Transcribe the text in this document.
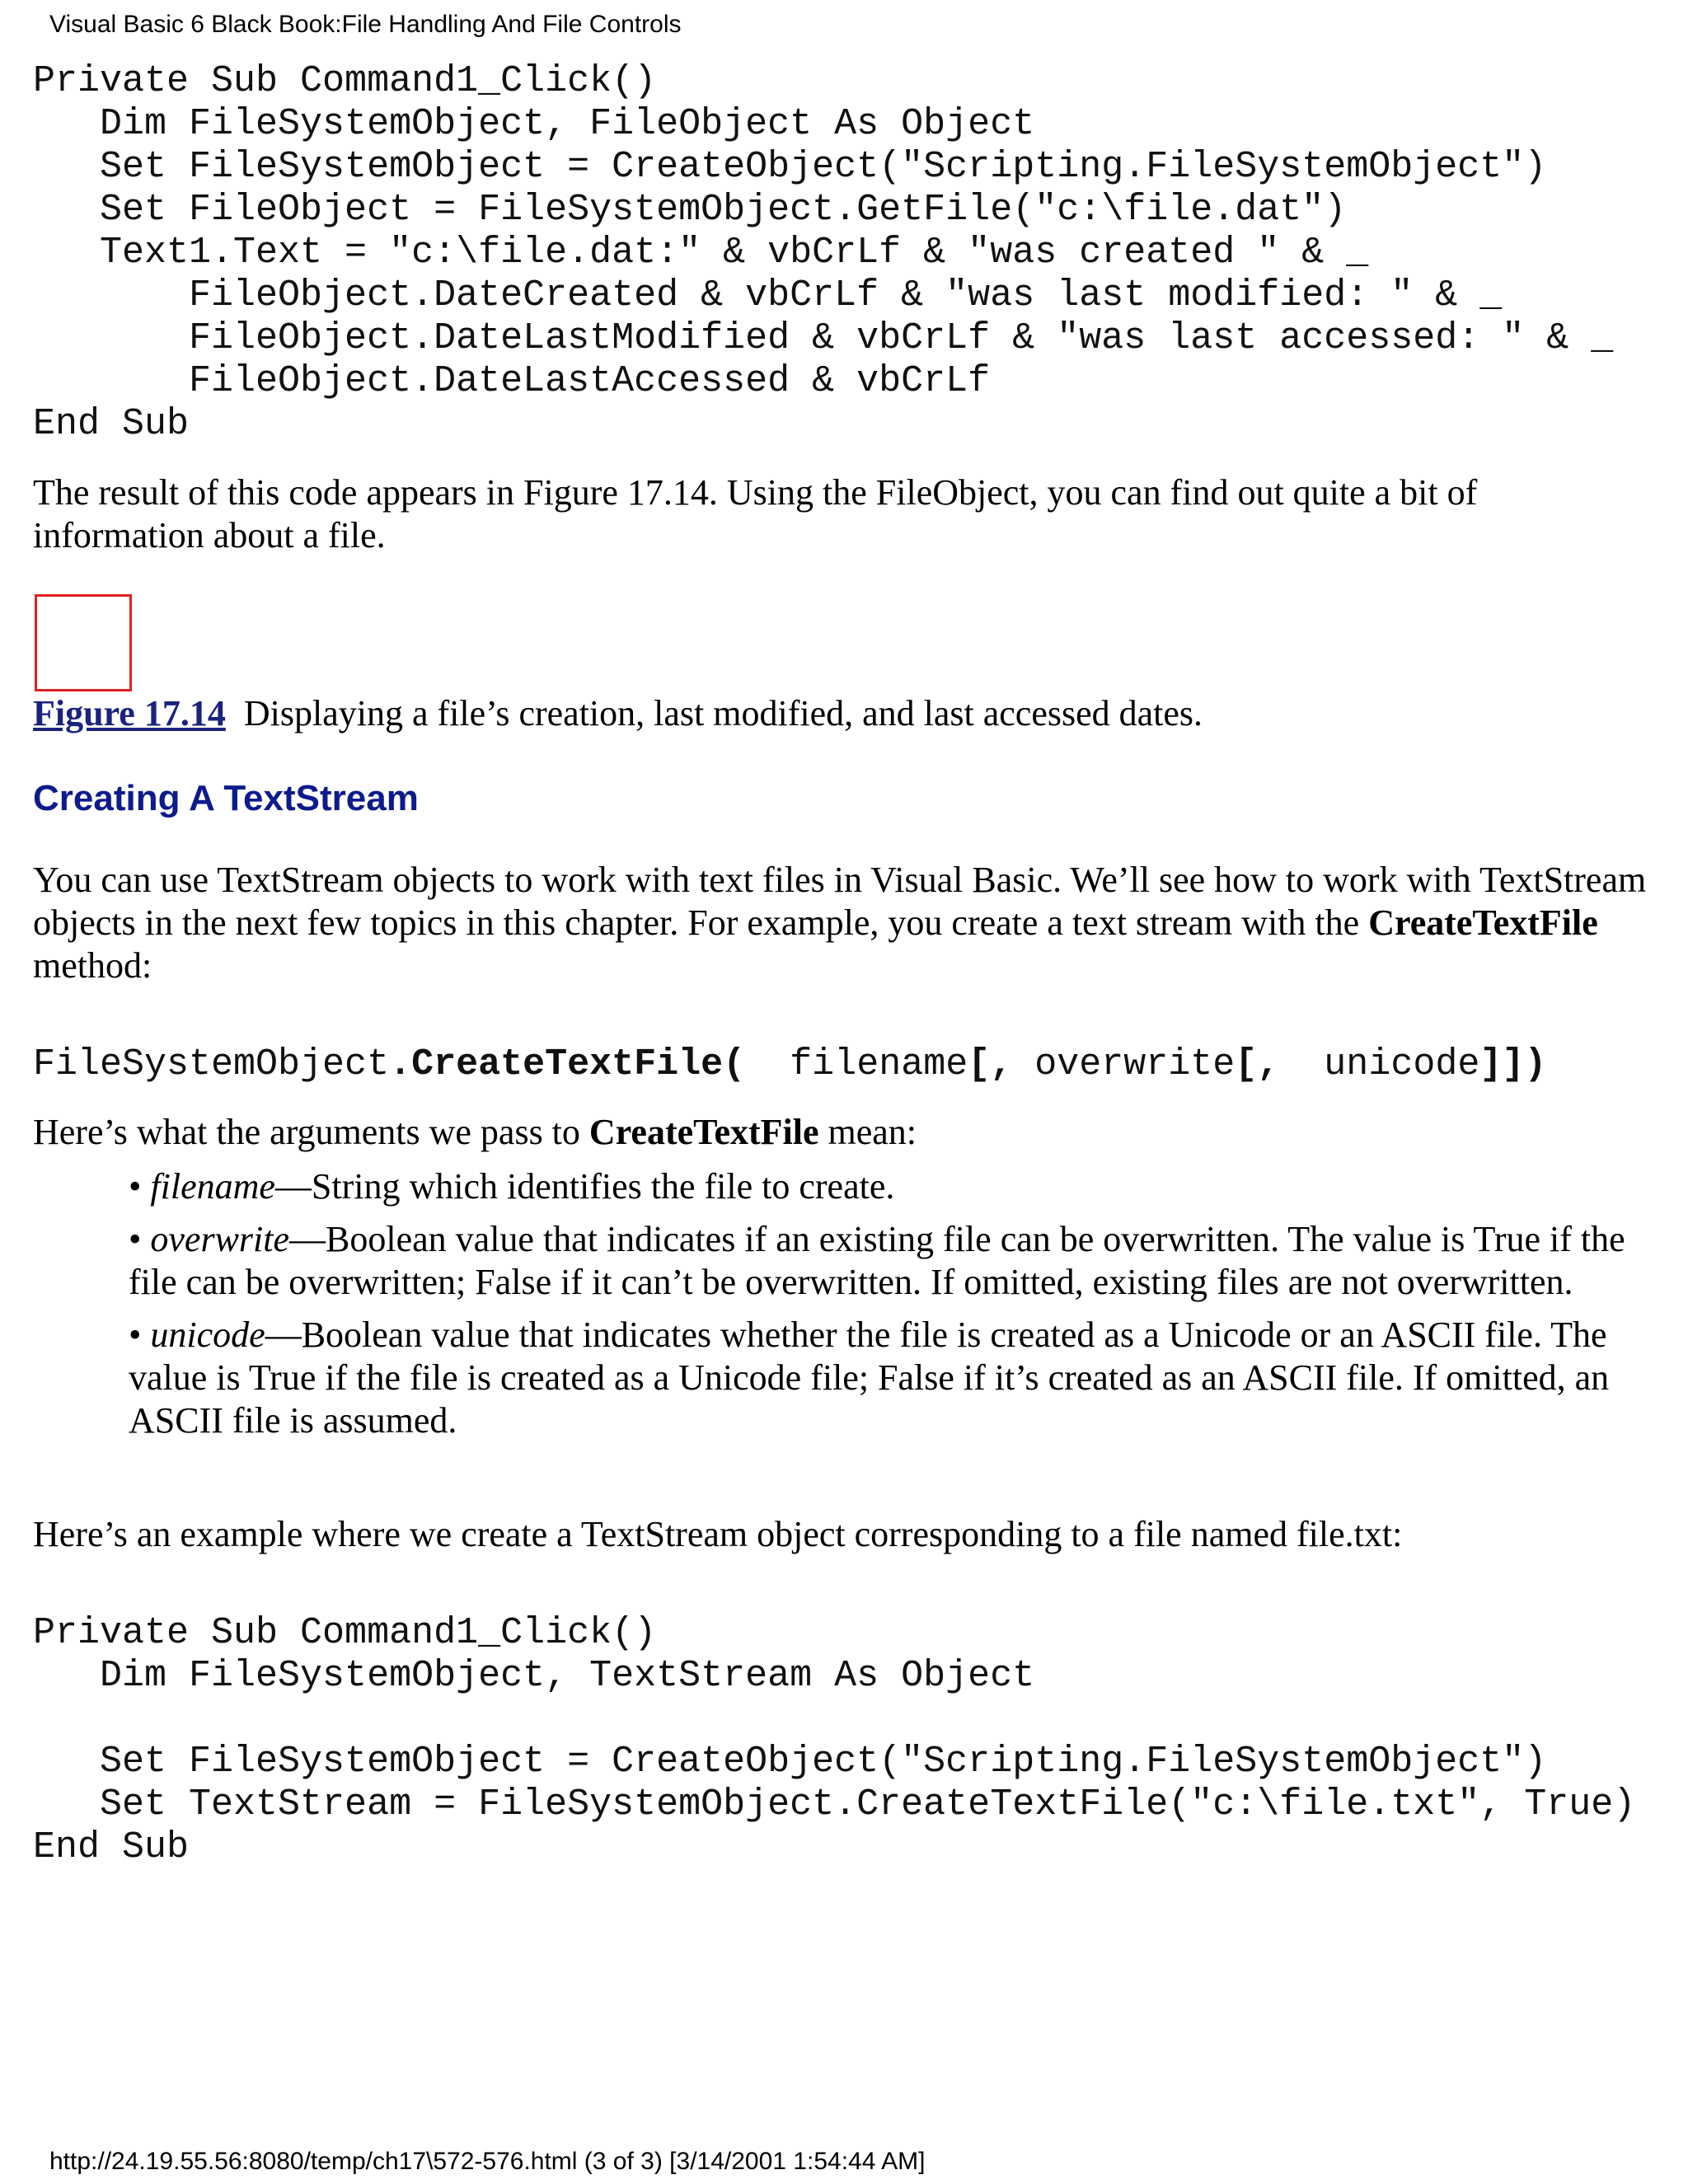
Visual Basic 6 Black Book:File Handling And File Controls
Private Sub Command1_Click()
Dim FileSystemObject, FileObject As Object
Set FileSystemObject = CreateObject("Scripting.FileSystemObject")
Set FileObject = FileSystemObject.GetFile("c:\file.dat")
Text1.Text = "c:\file.dat:" & vbCrLf & "was created " & _
FileObject.DateCreated & vbCrLf & "was last modified: " & _
FileObject.DateLastModified & vbCrLf & "was last accessed: " & _
FileObject.DateLastAccessed & vbCrLf
End Sub

The result of this code appears in Figure 17.14. Using the FileObject, you can find out quite a bit of information about a file.

Figure 17.14 Displaying a file’s creation, last modified, and last accessed dates.
Creating A TextStream

You can use TextStream objects to work with text files in Visual Basic. We’ll see how to work with TextStream objects in the next few topics in this chapter. For example, you create a text stream with the CreateTextFile method:

FileSystemObject.CreateTextFile(  filename[, overwrite[,  unicode]])

Here’s what the arguments we pass to CreateTextFile mean:

• filename—String which identifies the file to create.
• overwrite—Boolean value that indicates if an existing file can be overwritten. The value is True if the file can be overwritten; False if it can’t be overwritten. If omitted, existing files are not overwritten.
• unicode—Boolean value that indicates whether the file is created as a Unicode or an ASCII file. The value is True if the file is created as a Unicode file; False if it’s created as an ASCII file. If omitted, an ASCII file is assumed.

Here’s an example where we create a TextStream object corresponding to a file named file.txt:

Private Sub Command1_Click()
Dim FileSystemObject, TextStream As Object

Set FileSystemObject = CreateObject("Scripting.FileSystemObject")
Set TextStream = FileSystemObject.CreateTextFile("c:\file.txt", True)
End Sub
http://24.19.55.56:8080/temp/ch17\572-576.html (3 of 3) [3/14/2001 1:54:44 AM]
